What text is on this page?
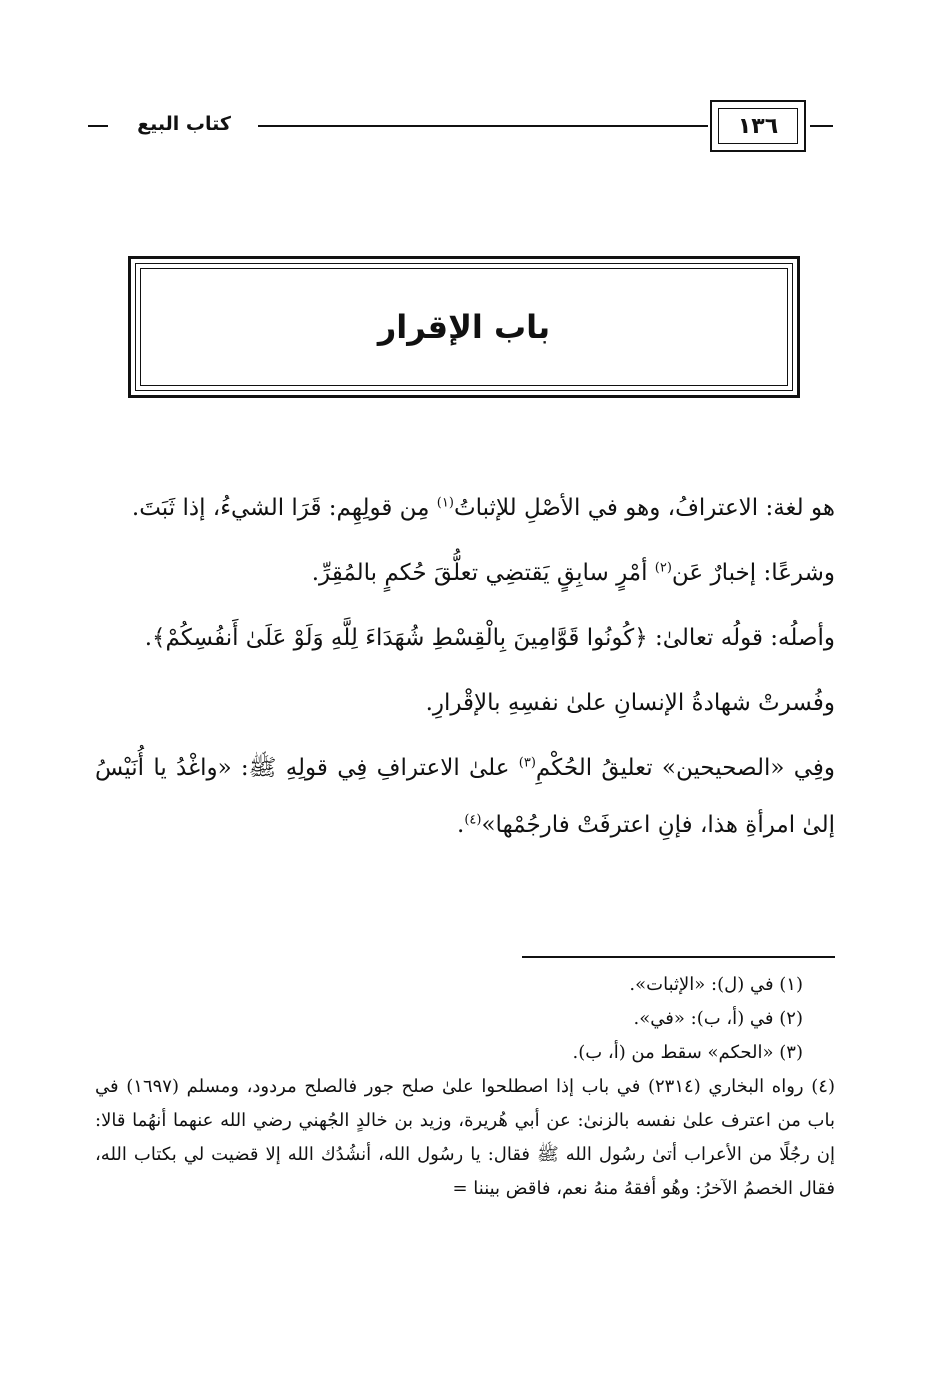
كتاب البيع	١٣٦
باب الإقرار

هو لغة: الاعترافُ، وهو في الأصْلِ للإثباتُ$^{(١)}$ مِن قولِهِم: قَرَا الشيءُ، إذا ثَبَتَ.

وشرعًا: إخبارٌ عَن$^{(٢)}$ أمْرٍ سابِقٍ يَقتضِي تعلُّقَ حُكمٍ بالمُقِرِّ.

وأصلُه: قولُه تعالىٰ: ﴿كُونُوا قَوَّامِينَ بِالْقِسْطِ شُهَدَاءَ لِلَّهِ وَلَوْ عَلَىٰ أَنفُسِكُمْ﴾.

وفُسرتْ شهادةُ الإنسانِ علىٰ نفسِهِ بالإقْرارِ.

وفِي «الصحيحين» تعليقُ الحُكْمِ$^{(٣)}$ علىٰ الاعترافِ فِي قولِهِ ﷺ: «واغْدُ يا أُنَيْسُ إلىٰ امرأةِ هذا، فإنِ اعترفَتْ فارجُمْها»$^{(٤)}$.

(١) في (ل): «الإثبات».

(٢) في (أ، ب): «في».

(٣) «الحكم» سقط من (أ، ب).

(٤) رواه البخاري (٢٣١٤) في باب إذا اصطلحوا علىٰ صلح جور فالصلح مردود، ومسلم (١٦٩٧) في باب من اعترف علىٰ نفسه بالزنىٰ: عن أبي هُريرة، وزيد بن خالدٍ الجُهني رضي الله عنهما أنهُما قالا: إن رجُلًا من الأعراب أتىٰ رسُول الله ﷺ فقال: يا رسُول الله، أنشُدُك الله إلا قضيت لي بكتاب الله، فقال الخصمُ الآخرُ: وهُو أفقهُ منهُ نعم، فاقض بيننا =
